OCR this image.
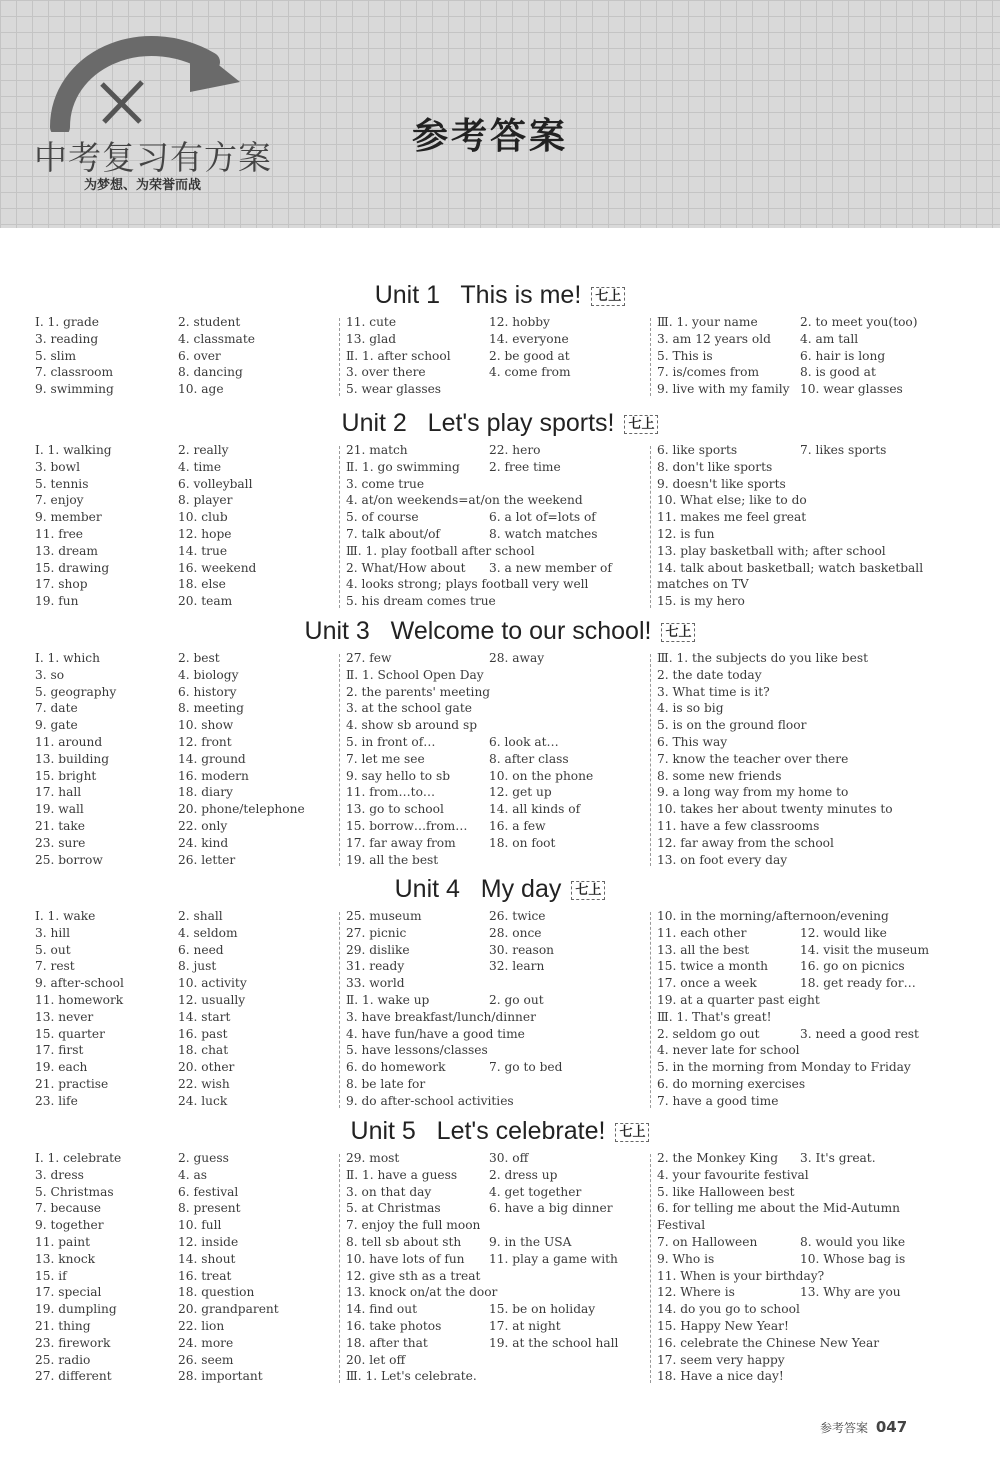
中考复习有方案
为梦想、为荣誉而战
参考答案
Unit 1   This is me! 七上
Ⅰ. 1. grade
3. reading
5. slim
7. classroom
9. swimming
2. student
4. classmate
6. over
8. dancing
10. age
11. cute
13. glad
Ⅱ. 1. after school
3. over there
5. wear glasses
12. hobby
14. everyone
2. be good at
4. come from
Ⅲ. 1. your name
3. am 12 years old
5. This is
7. is/comes from
9. live with my family
2. to meet you(too)
4. am tall
6. hair is long
8. is good at
10. wear glasses
Unit 2   Let's play sports! 七上
Ⅰ. 1. walking
3. bowl
5. tennis
7. enjoy
9. member
11. free
13. dream
15. drawing
17. shop
19. fun
2. really
4. time
6. volleyball
8. player
10. club
12. hope
14. true
16. weekend
18. else
20. team
21. match
Ⅱ. 1. go swimming
3. come true
4. at/on weekends=at/on the weekend
5. of course
7. talk about/of
Ⅲ. 1. play football after school
2. What/How about
4. looks strong; plays football very well
5. his dream comes true
22. hero
2. free time
6. a lot of=lots of
8. watch matches
3. a new member of
6. like sports
8. don't like sports
9. doesn't like sports
10. What else; like to do
11. makes me feel great
12. is fun
13. play basketball with; after school
14. talk about basketball; watch basketball
matches on TV
15. is my hero
7. likes sports
Unit 3   Welcome to our school! 七上
Ⅰ. 1. which
3. so
5. geography
7. date
9. gate
11. around
13. building
15. bright
17. hall
19. wall
21. take
23. sure
25. borrow
2. best
4. biology
6. history
8. meeting
10. show
12. front
14. ground
16. modern
18. diary
20. phone/telephone
22. only
24. kind
26. letter
27. few
Ⅱ. 1. School Open Day
2. the parents' meeting
3. at the school gate
4. show sb around sp
5. in front of…
7. let me see
9. say hello to sb
11. from…to…
13. go to school
15. borrow…from…
17. far away from
19. all the best
28. away
6. look at…
8. after class
10. on the phone
12. get up
14. all kinds of
16. a few
18. on foot
Ⅲ. 1. the subjects do you like best
2. the date today
3. What time is it?
4. is so big
5. is on the ground floor
6. This way
7. know the teacher over there
8. some new friends
9. a long way from my home to
10. takes her about twenty minutes to
11. have a few classrooms
12. far away from the school
13. on foot every day
Unit 4   My day 七上
Ⅰ. 1. wake
3. hill
5. out
7. rest
9. after-school
11. homework
13. never
15. quarter
17. first
19. each
21. practise
23. life
2. shall
4. seldom
6. need
8. just
10. activity
12. usually
14. start
16. past
18. chat
20. other
22. wish
24. luck
25. museum
27. picnic
29. dislike
31. ready
33. world
Ⅱ. 1. wake up
3. have breakfast/lunch/dinner
4. have fun/have a good time
5. have lessons/classes
6. do homework
8. be late for
9. do after-school activities
26. twice
28. once
30. reason
32. learn
2. go out
7. go to bed
10. in the morning/afternoon/evening
11. each other
13. all the best
15. twice a month
17. once a week
19. at a quarter past eight
Ⅲ. 1. That's great!
2. seldom go out
4. never late for school
5. in the morning from Monday to Friday
6. do morning exercises
7. have a good time
12. would like
14. visit the museum
16. go on picnics
18. get ready for…
3. need a good rest
Unit 5   Let's celebrate! 七上
Ⅰ. 1. celebrate
3. dress
5. Christmas
7. because
9. together
11. paint
13. knock
15. if
17. special
19. dumpling
21. thing
23. firework
25. radio
27. different
2. guess
4. as
6. festival
8. present
10. full
12. inside
14. shout
16. treat
18. question
20. grandparent
22. lion
24. more
26. seem
28. important
29. most
Ⅱ. 1. have a guess
3. on that day
5. at Christmas
7. enjoy the full moon
8. tell sb about sth
10. have lots of fun
12. give sth as a treat
13. knock on/at the door
14. find out
16. take photos
18. after that
20. let off
Ⅲ. 1. Let's celebrate.
30. off
2. dress up
4. get together
6. have a big dinner
9. in the USA
11. play a game with
15. be on holiday
17. at night
19. at the school hall
2. the Monkey King
4. your favourite festival
5. like Halloween best
6. for telling me about the Mid-Autumn
Festival
7. on Halloween
9. Who is
11. When is your birthday?
12. Where is
14. do you go to school
15. Happy New Year!
16. celebrate the Chinese New Year
17. seem very happy
18. Have a nice day!
3. It's great.
8. would you like
10. Whose bag is
13. Why are you
参考答案 047
